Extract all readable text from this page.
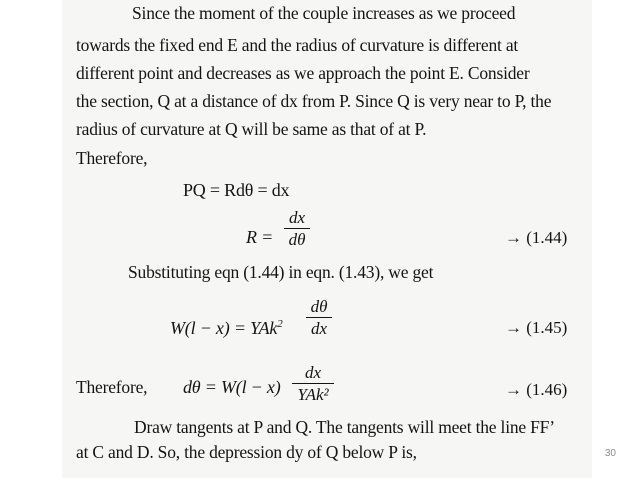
Since the moment of the couple increases as we proceed
towards the fixed end E and the radius of curvature is different at
different point and decreases as we approach the point E. Consider
the section, Q at a distance of dx from P. Since Q is very near to P, the
radius of curvature at Q will be same as that of at P.
Therefore,
PQ = Rdθ = dx
R =
dx
dθ	→ (1.44)
Substituting eqn (1.44) in eqn. (1.43), we get
W(l − x) = YAk$^2$
dθ
dx	→ (1.45)
Therefore, dθ = W(l − x)
dx
YAk²	→ (1.46)
Draw tangents at P and Q. The tangents will meet the line FF’
at C and D. So, the depression dy of Q below P is,	30
